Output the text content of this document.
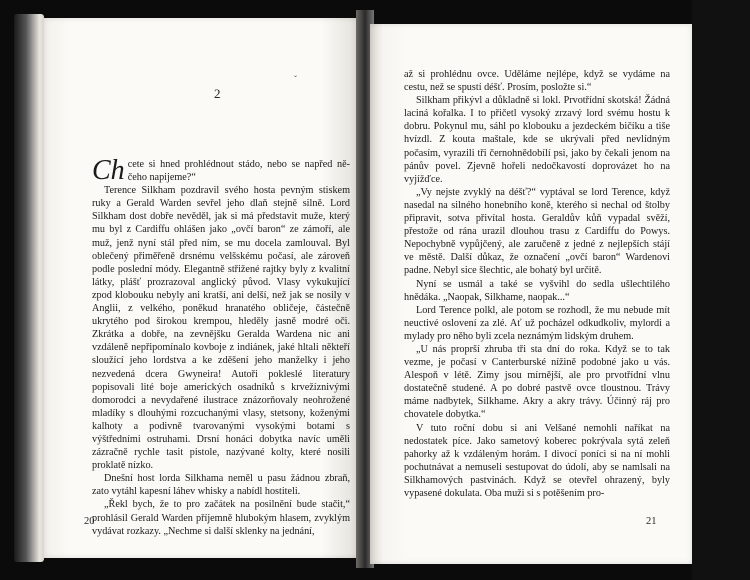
ˇ
2

Ch cete si hned prohlédnout stádo, nebo se napřed ně-čeho napijeme?“

Terence Silkham pozdravil svého hosta pevným stiskem ruky a Gerald Warden sevřel jeho dlaň stejně silně. Lord Silkham dost dobře nevěděl, jak si má představit muže, který mu byl z Cardiffu ohlášen jako „ovčí baron“ ze zámoří, ale muž, jenž nyní stál před ním, se mu docela zamlouval. Byl oblečený přiměřeně drsnému velšskému počasí, ale zároveň podle poslední módy. Elegantně střižené rajtky byly z kvalitní látky, plášť prozrazoval anglický původ. Vlasy vykukující zpod klobouku nebyly ani kratší, ani delší, než jak se nosily v Anglii, z velkého, poněkud hranatého obličeje, částečně ukrytého pod širokou krempou, hleděly jasně modré oči. Zkrátka a dobře, na zevnějšku Geralda Wardena nic ani vzdáleně nepřipomínalo kovboje z indiánek, jaké hltali někteří sloužící jeho lordstva a ke zděšení jeho manželky i jeho nezvedená dcera Gwyneira! Autoři pokleslé literatury popisovali lité boje amerických osadníků s krvežíznivými domorodci a nevydařené ilustrace znázorňovaly neohrožené mladíky s dlouhými rozcuchanými vlasy, stetsony, koženými kalhoty a podivně tvarovanými vysokými botami s výštředními ostruhami. Drsní honáci dobytka navíc uměli zázračně rychle tasit pistole, nazývané kolty, které nosili proklatě nízko.

Dnešní host lorda Silkhama neměl u pasu žádnou zbraň, zato vytáhl kapesní láhev whisky a nabídl hostiteli.

„Řekl bych, že to pro začátek na posilnění bude stačit,“ prohlásil Gerald Warden příjemně hlubokým hlasem, zvyklým vydávat rozkazy. „Nechme si další sklenky na jednání,

20

až si prohlédnu ovce. Uděláme nejlépe, když se vydáme na cestu, než se spustí déšť. Prosím, posložte si.“

Silkham přikývl a důkladně si lokl. Prvotřídní skotská! Žádná laciná kořalka. I to přičetl vysoký zrzavý lord svému hostu k dobru. Pokynul mu, sáhl po klobouku a jezdeckém bičíku a tiše hvízdl. Z kouta maštale, kde se ukrývali před nevlídným počasím, vyrazili tři černohnědobílí psi, jako by čekali jenom na pánův povel. Zjevně hořeli nedočkavostí doprovázet ho na vyjížďce.

„Vy nejste zvyklý na déšť?“ vyptával se lord Terence, když nasedal na silného honebního koně, kterého si nechal od štolby připravit, sotva přivítal hosta. Geraldův kůň vypadal svěží, přestože od rána urazil dlouhou trasu z Cardiffu do Powys. Nepochybně vypůjčený, ale zaručeně z jedné z nejlepších stájí ve městě. Další důkaz, že označení „ovčí baron“ Wardenovi padne. Nebyl sice šlechtic, ale bohatý byl určitě.

Nyní se usmál a také se vyšvihl do sedla ušlechtilého hnědáka. „Naopak, Silkhame, naopak...“

Lord Terence polkl, ale potom se rozhodl, že mu nebude mít neuctivé oslovení za zlé. Ať už pocházel odkudkoliv, mylordi a mylady pro něho byli zcela neznámým lidským druhem.

„U nás proprší zhruba tři sta dní do roka. Když se to tak vezme, je počasí v Canterburské nížině podobné jako u vás. Alespoň v létě. Zimy jsou mírnější, ale pro prvotřídní vlnu dostatečně studené. A po dobré pastvě ovce tloustnou. Trávy máme nadbytek, Silkhame. Akry a akry trávy. Účinný ráj pro chovatele dobytka.“

V tuto roční dobu si ani Velšané nemohli naříkat na nedostatek píce. Jako sametový koberec pokrývala sytá zeleň pahorky až k vzdáleným horám. I divocí poníci si na ní mohli pochutnávat a nemuseli sestupovat do údolí, aby se namlsali na Silkhamových pastvinách. Když se otevřel ohrazený, byly vypasené dokulata. Oba muži si s potěšením pro-

21
